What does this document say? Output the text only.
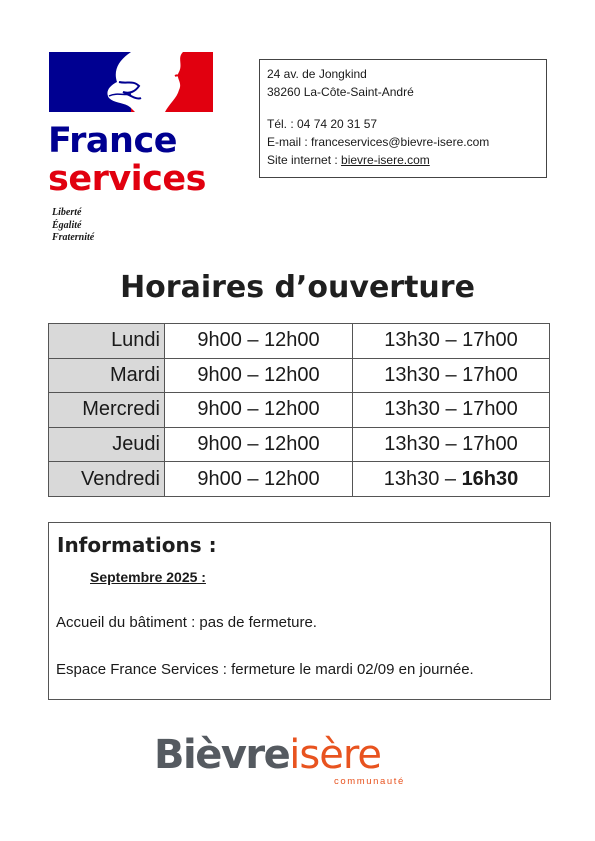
France
services
Liberté
Égalité
Fraternité
24 av. de Jongkind
38260 La-Côte-Saint-André
Tél. : 04 74 20 31 57
E-mail : franceservices@bievre-isere.com
Site internet : bievre-isere.com
Horaires d’ouverture
Lundi	9h00 – 12h00	13h30 – 17h00
Mardi	9h00 – 12h00	13h30 – 17h00
Mercredi	9h00 – 12h00	13h30 – 17h00
Jeudi	9h00 – 12h00	13h30 – 17h00
Vendredi	9h00 – 12h00	13h30 – 16h30
Informations :
Septembre 2025 :
Accueil du bâtiment : pas de fermeture.
Espace France Services : fermeture le mardi 02/09 en journée.
Bièvreisère
communauté
